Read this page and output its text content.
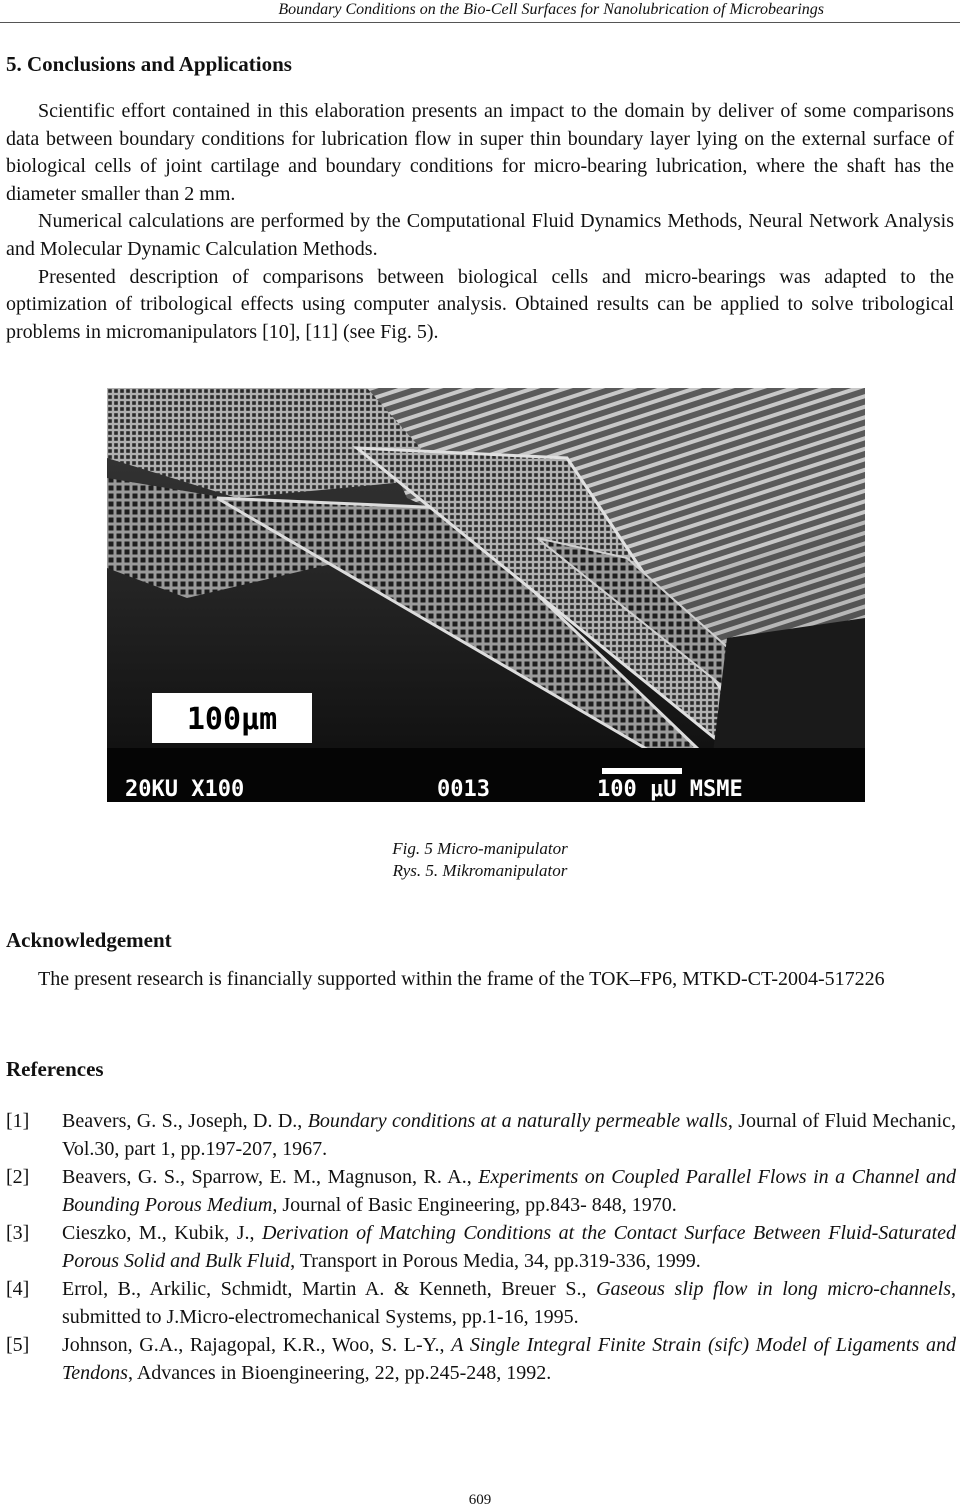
Boundary Conditions on the Bio-Cell Surfaces for Nanolubrication of Microbearings
5. Conclusions and Applications

Scientific effort contained in this elaboration presents an impact to the domain by deliver of some comparisons data between boundary conditions for lubrication flow in super thin boundary layer lying on the external surface of biological cells of joint cartilage and boundary conditions for micro-bearing lubrication, where the shaft has the diameter smaller than 2 mm.

Numerical calculations are performed by the Computational Fluid Dynamics Methods, Neural Network Analysis and Molecular Dynamic Calculation Methods.

Presented description of comparisons between biological cells and micro-bearings was adapted to the optimization of tribological effects using computer analysis. Obtained results can be applied to solve tribological problems in micromanipulators [10], [11] (see Fig. 5).

100µm
20KU X100	0013	100 μU MSME
Fig. 5 Micro-manipulator
Rys. 5. Mikromanipulator
Acknowledgement

The present research is financially supported within the frame of the TOK–FP6, MTKD-CT-2004-517226

References
[1] Beavers, G. S., Joseph, D. D., Boundary conditions at a naturally permeable walls, Journal of Fluid Mechanic, Vol.30, part 1, pp.197-207, 1967.
[2] Beavers, G. S., Sparrow, E. M., Magnuson, R. A., Experiments on Coupled Parallel Flows in a Channel and Bounding Porous Medium, Journal of Basic Engineering, pp.843- 848, 1970.
[3] Cieszko, M., Kubik, J., Derivation of Matching Conditions at the Contact Surface Between Fluid-Saturated Porous Solid and Bulk Fluid, Transport in Porous Media, 34, pp.319-336, 1999.
[4] Errol, B., Arkilic, Schmidt, Martin A. & Kenneth, Breuer S., Gaseous slip flow in long micro-channels, submitted to J.Micro-electromechanical Systems, pp.1-16, 1995.
[5] Johnson, G.A., Rajagopal, K.R., Woo, S. L-Y., A Single Integral Finite Strain (sifc) Model of Ligaments and Tendons, Advances in Bioengineering, 22, pp.245-248, 1992.
609
